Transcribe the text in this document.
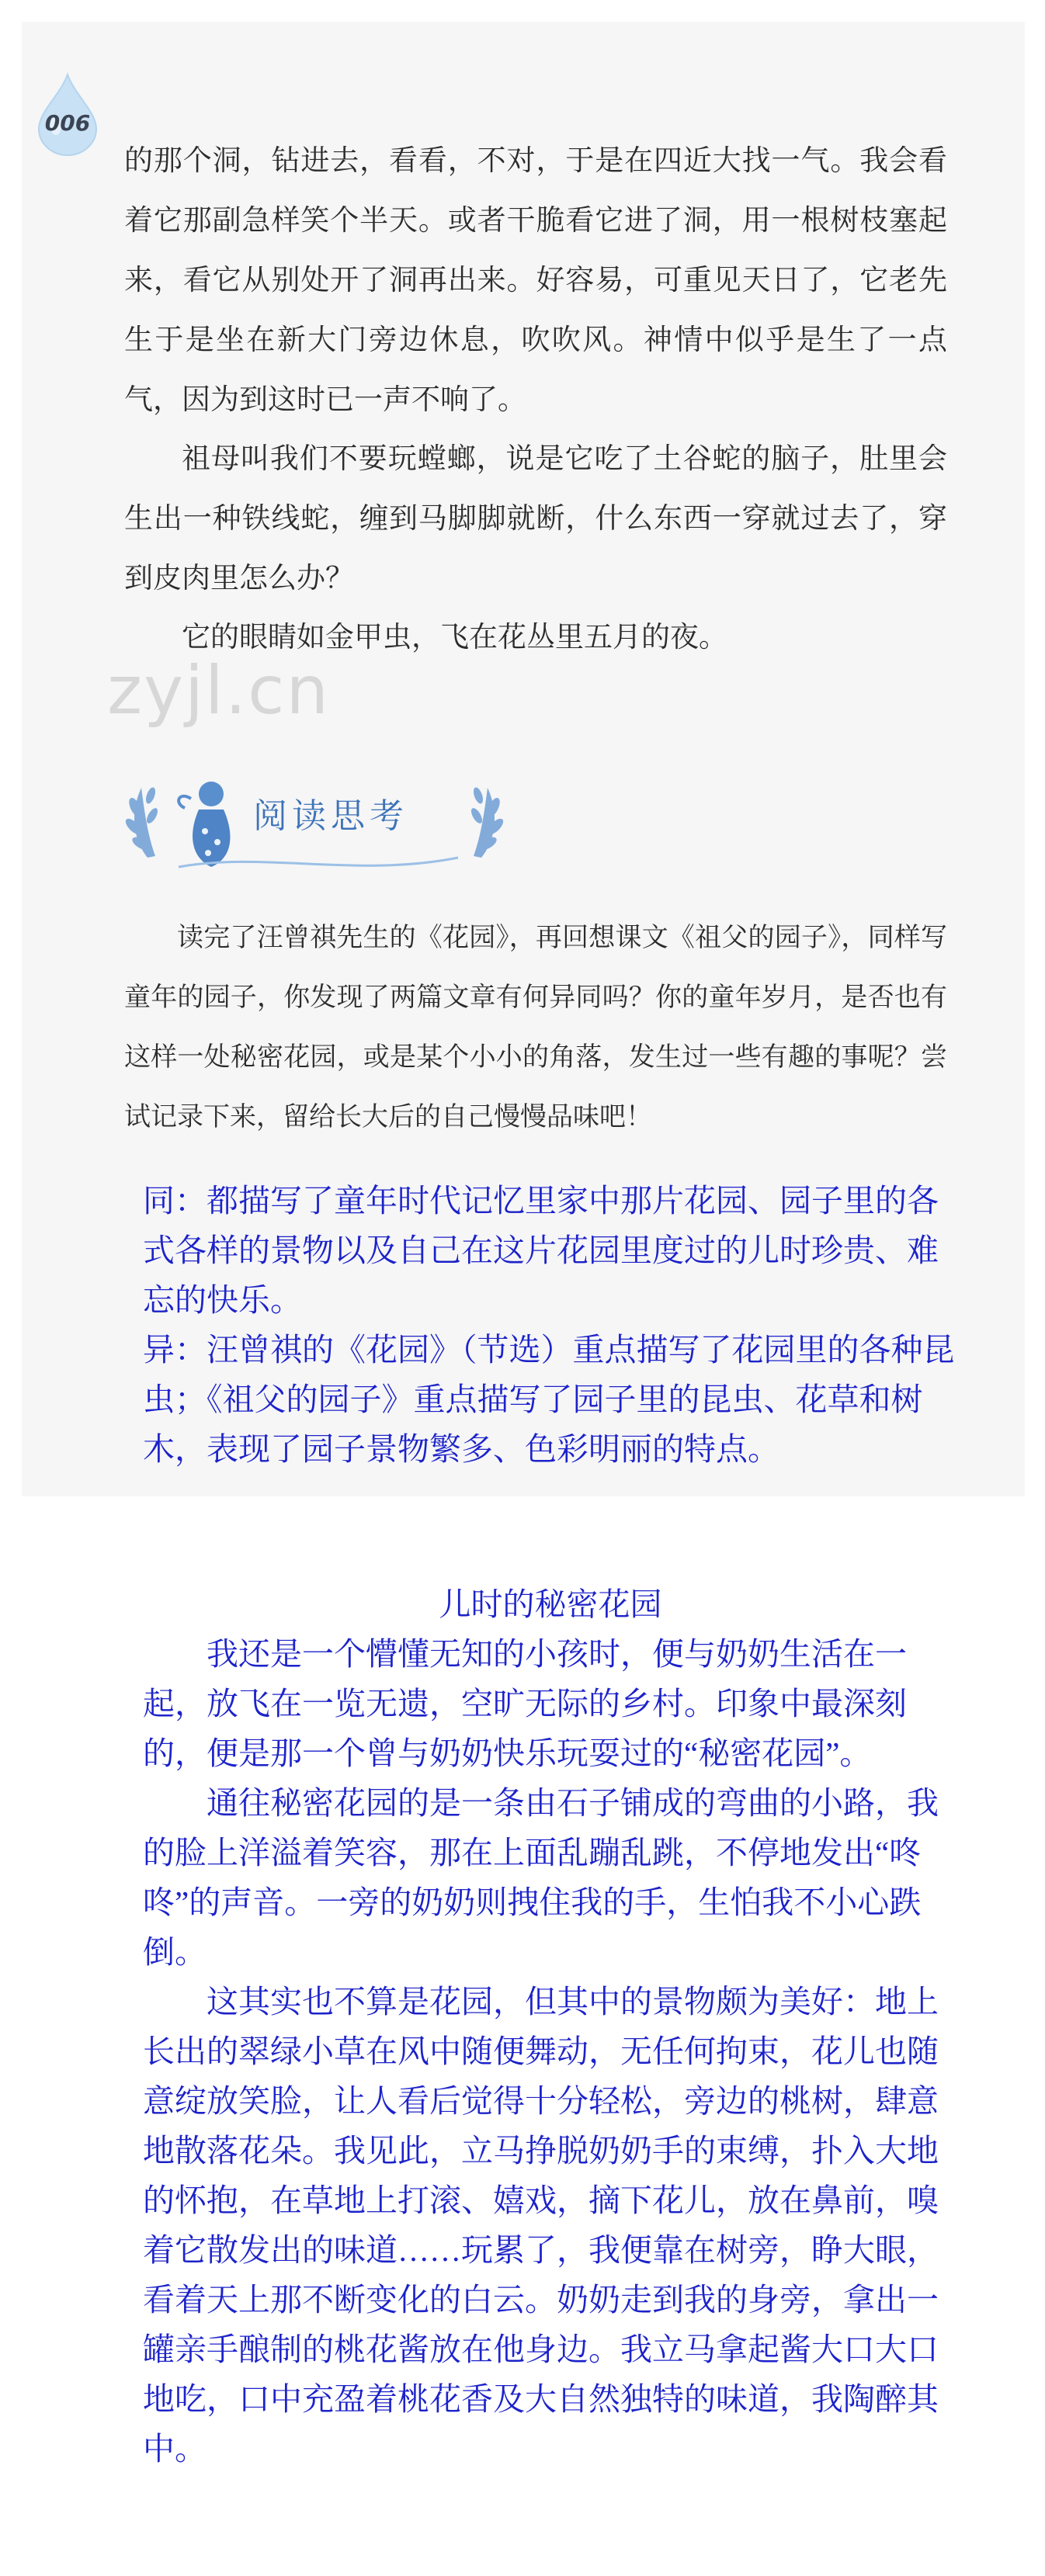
006

的那个洞，钻进去，看看，不对，于是在四近大找一气。我会看着它那副急样笑个半天。或者干脆看它进了洞，用一根树枝塞起来，看它从别处开了洞再出来。好容易，可重见天日了，它老先生于是坐在新大门旁边休息，吹吹风。神情中似乎是生了一点气，因为到这时已一声不响了。

祖母叫我们不要玩螳螂，说是它吃了土谷蛇的脑子，肚里会生出一种铁线蛇，缠到马脚脚就断，什么东西一穿就过去了，穿到皮肉里怎么办？

它的眼睛如金甲虫，飞在花丛里五月的夜。

zyjl.cn
阅读思考

读完了汪曾祺先生的《花园》，再回想课文《祖父的园子》，同样写童年的园子，你发现了两篇文章有何异同吗？你的童年岁月，是否也有这样一处秘密花园，或是某个小小的角落，发生过一些有趣的事呢？尝试记录下来，留给长大后的自己慢慢品味吧！

同：都描写了童年时代记忆里家中那片花园、园子里的各式各样的景物以及自己在这片花园里度过的儿时珍贵、难忘的快乐。

异：汪曾祺的《花园》（节选）重点描写了花园里的各种昆虫；《祖父的园子》重点描写了园子里的昆虫、花草和树木，表现了园子景物繁多、色彩明丽的特点。

儿时的秘密花园

我还是一个懵懂无知的小孩时，便与奶奶生活在一起，放飞在一览无遗，空旷无际的乡村。印象中最深刻的，便是那一个曾与奶奶快乐玩耍过的“秘密花园”。

通往秘密花园的是一条由石子铺成的弯曲的小路，我的脸上洋溢着笑容，那在上面乱蹦乱跳，不停地发出“咚咚”的声音。一旁的奶奶则拽住我的手，生怕我不小心跌倒。

这其实也不算是花园，但其中的景物颇为美好：地上长出的翠绿小草在风中随便舞动，无任何拘束，花儿也随意绽放笑脸，让人看后觉得十分轻松，旁边的桃树，肆意地散落花朵。我见此，立马挣脱奶奶手的束缚，扑入大地的怀抱，在草地上打滚、嬉戏，摘下花儿，放在鼻前，嗅着它散发出的味道……玩累了，我便靠在树旁，睁大眼，看着天上那不断变化的白云。奶奶走到我的身旁，拿出一罐亲手酿制的桃花酱放在他身边。我立马拿起酱大口大口地吃，口中充盈着桃花香及大自然独特的味道，我陶醉其中。
